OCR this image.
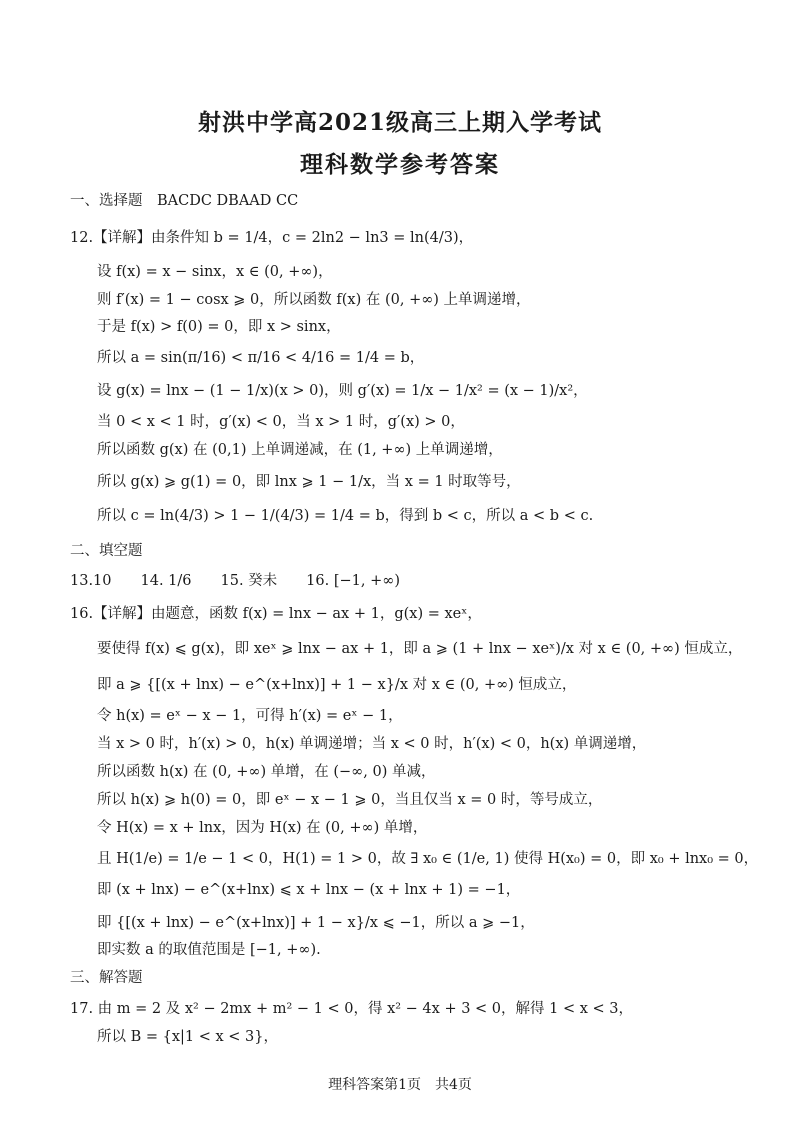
射洪中学高2021级高三上期入学考试
理科数学参考答案
一、选择题　BACDC DBAAD CC
12.【详解】由条件知 b = 1/4，c = 2ln2 − ln3 = ln(4/3)，
设 f(x) = x − sinx，x ∈ (0, +∞)，
则 f′(x) = 1 − cosx ⩾ 0，所以函数 f(x) 在 (0, +∞) 上单调递增，
于是 f(x) > f(0) = 0，即 x > sinx，
所以 a = sin(π/16) < π/16 < 4/16 = 1/4 = b，
设 g(x) = lnx − (1 − 1/x)(x > 0)，则 g′(x) = 1/x − 1/x² = (x − 1)/x²，
当 0 < x < 1 时，g′(x) < 0，当 x > 1 时，g′(x) > 0，
所以函数 g(x) 在 (0,1) 上单调递减，在 (1, +∞) 上单调递增，
所以 g(x) ⩾ g(1) = 0，即 lnx ⩾ 1 − 1/x，当 x = 1 时取等号，
所以 c = ln(4/3) > 1 − 1/(4/3) = 1/4 = b，得到 b < c，所以 a < b < c.
二、填空题
13.10　　14. 1/6　　15. 癸未　　16. [−1, +∞)
16.【详解】由题意，函数 f(x) = lnx − ax + 1，g(x) = xeˣ，
要使得 f(x) ⩽ g(x)，即 xeˣ ⩾ lnx − ax + 1，即 a ⩾ (1 + lnx − xeˣ)/x 对 x ∈ (0, +∞) 恒成立，
即 a ⩾ {[(x + lnx) − e^(x+lnx)] + 1 − x}/x 对 x ∈ (0, +∞) 恒成立，
令 h(x) = eˣ − x − 1，可得 h′(x) = eˣ − 1，
当 x > 0 时，h′(x) > 0，h(x) 单调递增；当 x < 0 时，h′(x) < 0，h(x) 单调递增，
所以函数 h(x) 在 (0, +∞) 单增，在 (−∞, 0) 单减，
所以 h(x) ⩾ h(0) = 0，即 eˣ − x − 1 ⩾ 0，当且仅当 x = 0 时，等号成立，
令 H(x) = x + lnx，因为 H(x) 在 (0, +∞) 单增，
且 H(1/e) = 1/e − 1 < 0，H(1) = 1 > 0，故 ∃ x₀ ∈ (1/e, 1) 使得 H(x₀) = 0，即 x₀ + lnx₀ = 0，
即 (x + lnx) − e^(x+lnx) ⩽ x + lnx − (x + lnx + 1) = −1，
即 {[(x + lnx) − e^(x+lnx)] + 1 − x}/x ⩽ −1，所以 a ⩾ −1，
即实数 a 的取值范围是 [−1, +∞).
三、解答题
17. 由 m = 2 及 x² − 2mx + m² − 1 < 0，得 x² − 4x + 3 < 0，解得 1 < x < 3，
所以 B = {x|1 < x < 3}，
理科答案第1页　共4页
